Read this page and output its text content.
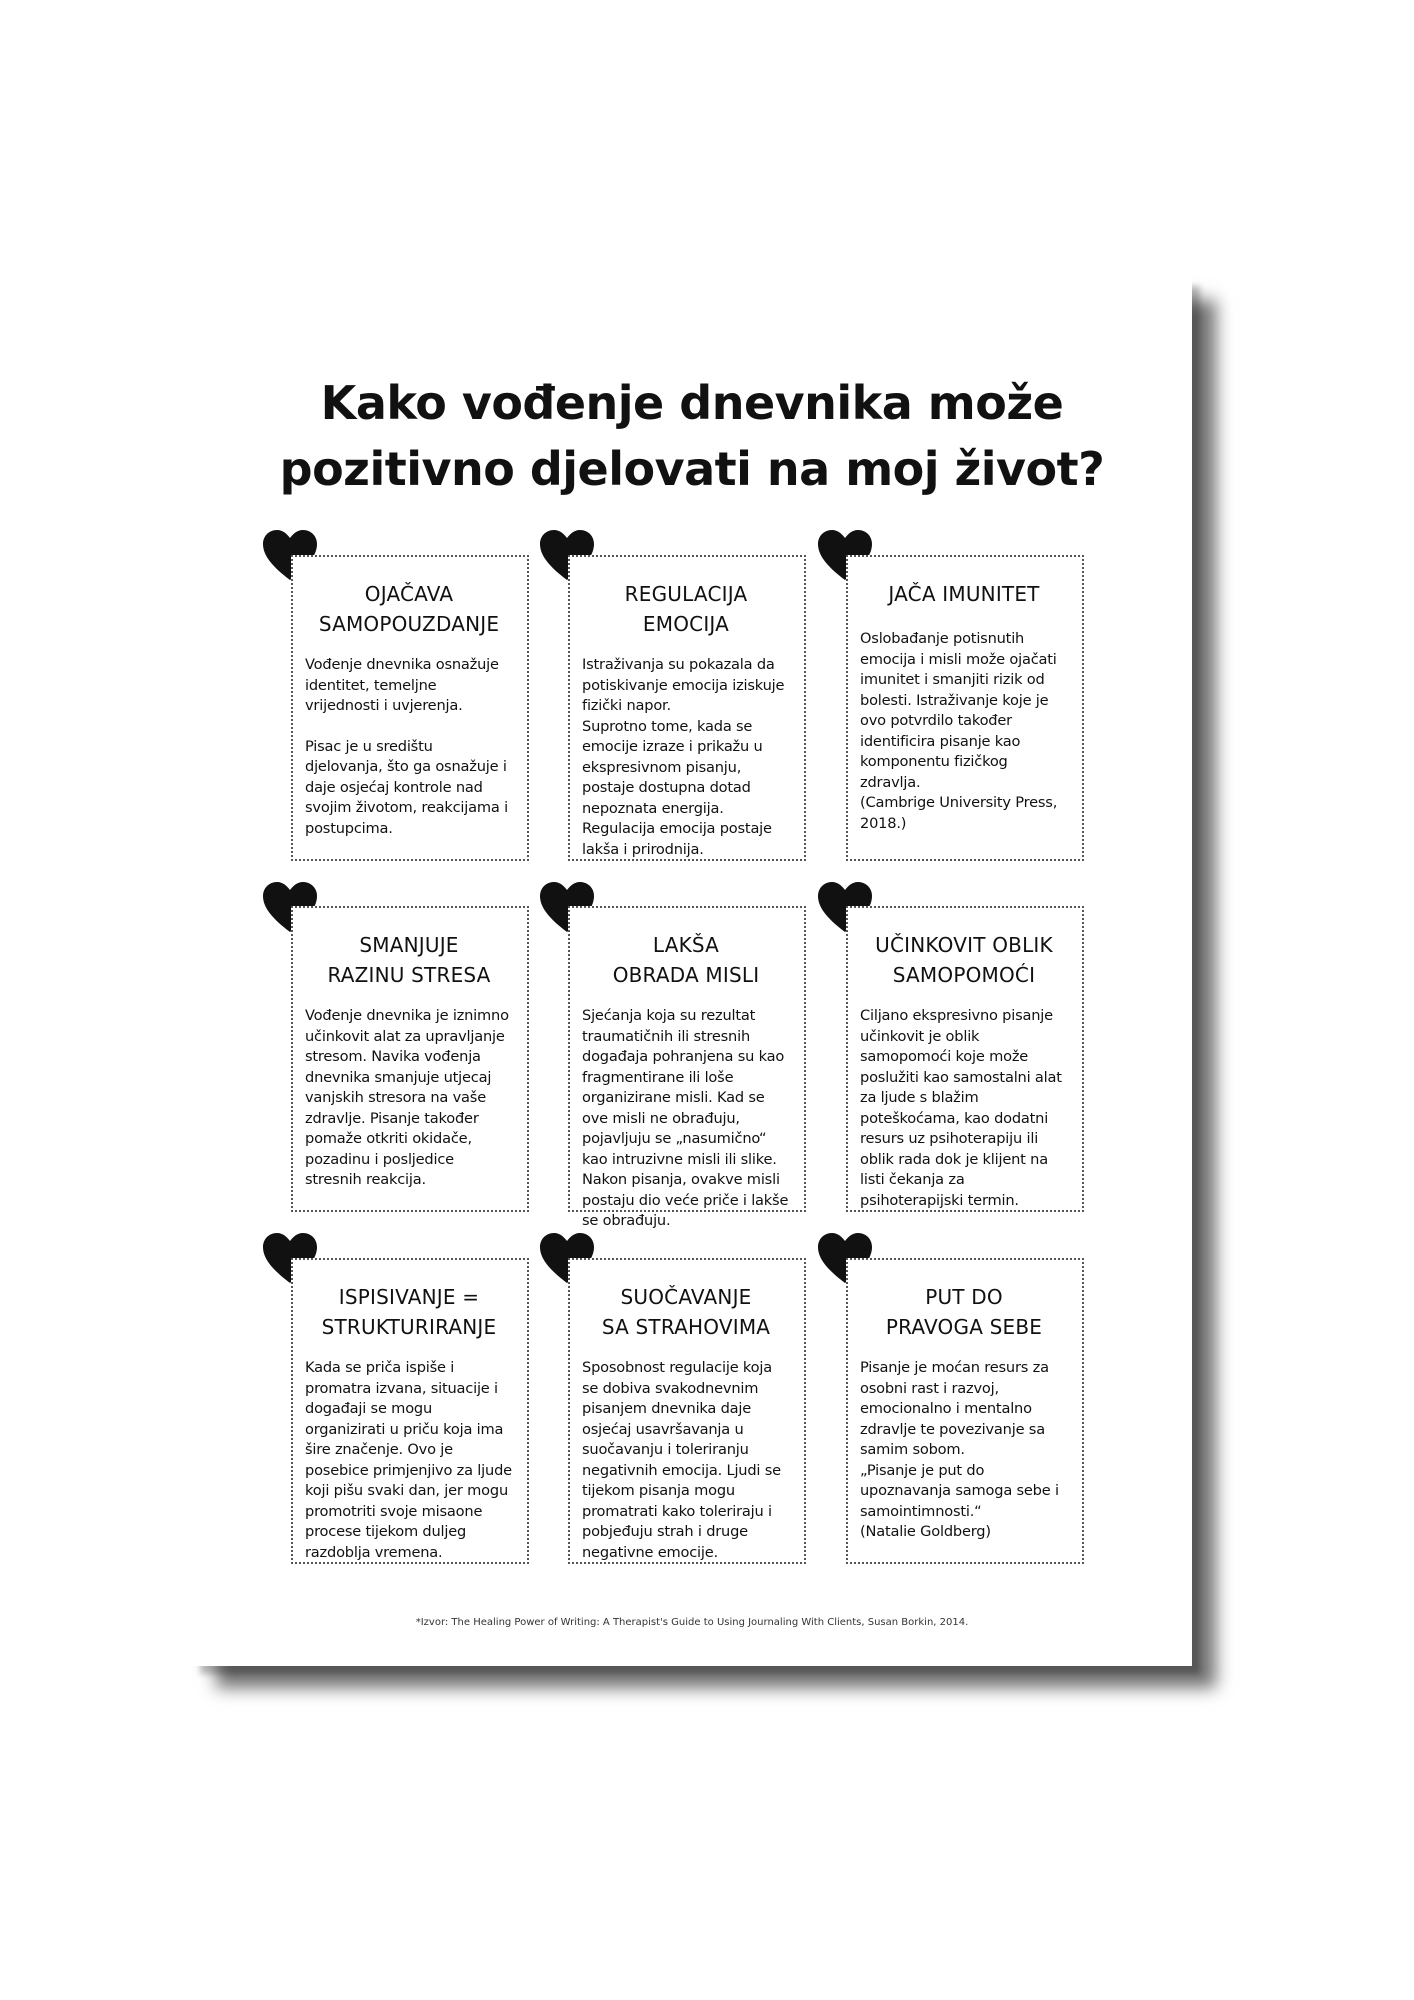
Kako vođenje dnevnika može
pozitivno djelovati na moj život?
OJAČAVA
SAMOPOUZDANJE

Vođenje dnevnika osnažuje identitet, temeljne vrijednosti i uvjerenja.

Pisac je u središtu djelovanja, što ga osnažuje i daje osjećaj kontrole nad svojim životom, reakcijama i postupcima.

REGULACIJA
EMOCIJA

Istraživanja su pokazala da potiskivanje emocija iziskuje fizički napor.

Suprotno tome, kada se emocije izraze i prikažu u ekspresivnom pisanju, postaje dostupna dotad nepoznata energija. Regulacija emocija postaje lakša i prirodnija.

JAČA IMUNITET

Oslobađanje potisnutih emocija i misli može ojačati imunitet i smanjiti rizik od bolesti. Istraživanje koje je ovo potvrdilo također identificira pisanje kao komponentu fizičkog zdravlja.

(Cambrige University Press, 2018.)

SMANJUJE
RAZINU STRESA

Vođenje dnevnika je iznimno učinkovit alat za upravljanje stresom. Navika vođenja dnevnika smanjuje utjecaj vanjskih stresora na vaše zdravlje. Pisanje također pomaže otkriti okidače, pozadinu i posljedice stresnih reakcija.

LAKŠA
OBRADA MISLI

Sjećanja koja su rezultat traumatičnih ili stresnih događaja pohranjena su kao fragmentirane ili loše organizirane misli. Kad se ove misli ne obrađuju, pojavljuju se „nasumično“ kao intruzivne misli ili slike. Nakon pisanja, ovakve misli postaju dio veće priče i lakše se obrađuju.

UČINKOVIT OBLIK
SAMOPOMOĆI

Ciljano ekspresivno pisanje učinkovit je oblik samopomoći koje može poslužiti kao samostalni alat za ljude s blažim poteškoćama, kao dodatni resurs uz psihoterapiju ili oblik rada dok je klijent na listi čekanja za psihoterapijski termin.

ISPISIVANJE =
STRUKTURIRANJE

Kada se priča ispiše i promatra izvana, situacije i događaji se mogu organizirati u priču koja ima šire značenje. Ovo je posebice primjenjivo za ljude koji pišu svaki dan, jer mogu promotriti svoje misaone procese tijekom duljeg razdoblja vremena.

SUOČAVANJE
SA STRAHOVIMA

Sposobnost regulacije koja se dobiva svakodnevnim pisanjem dnevnika daje osjećaj usavršavanja u suočavanju i toleriranju negativnih emocija. Ljudi se tijekom pisanja mogu promatrati kako toleriraju i pobjeđuju strah i druge negativne emocije.

PUT DO
PRAVOGA SEBE

Pisanje je moćan resurs za osobni rast i razvoj, emocionalno i mentalno zdravlje te povezivanje sa samim sobom.

„Pisanje je put do upoznavanja samoga sebe i samointimnosti.“

(Natalie Goldberg)

*Izvor: The Healing Power of Writing: A Therapist's Guide to Using Journaling With Clients, Susan Borkin, 2014.
